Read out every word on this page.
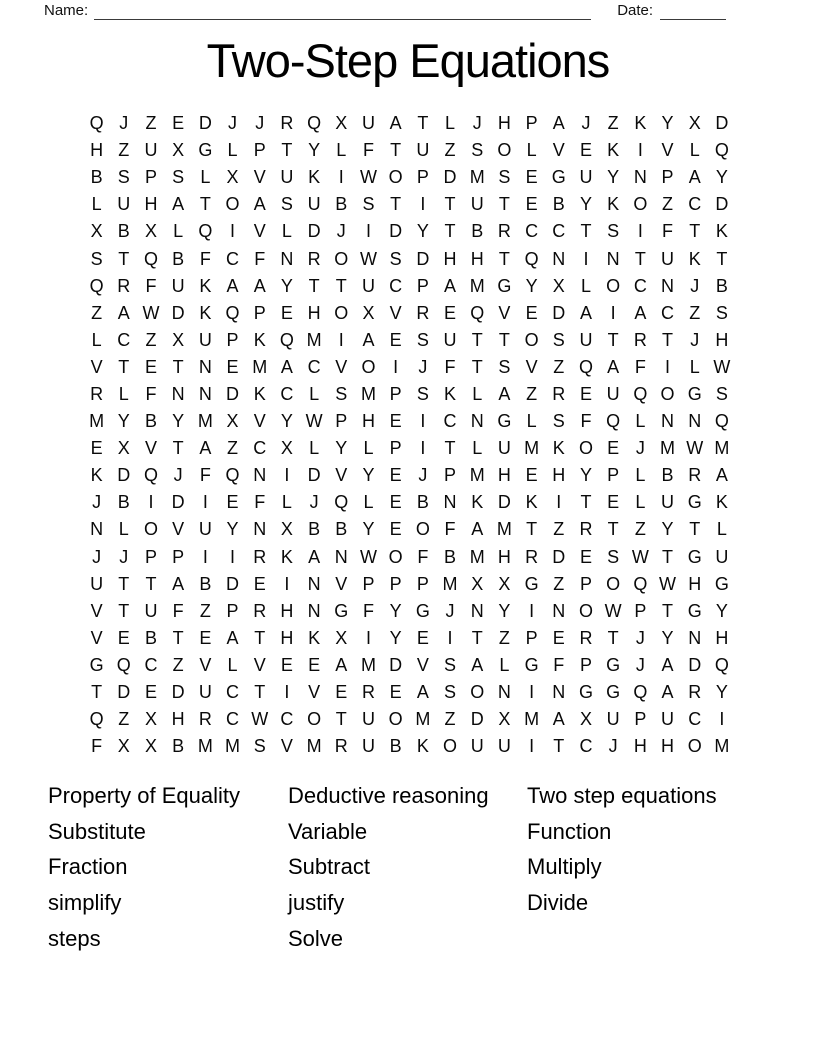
Name:	Date:
Two-Step Equations
Q J Z E D J	J R Q X U A T L J H P A J Z K Y X D
H Z U X G L P T Y L F T U Z S O L V E K	I	V L Q
B S P S L X V U K	I W O P D M S E G U Y N P A Y
L U H A T O A S U B S T	I	T U T E B Y K O Z C D
X B X L Q I	V L D J	I	D Y T B R C C T S	I	F T K
S T Q B F C F N R O W S D H H T Q N	I	N T U K T
Q R F U K A A Y T T U C P A M G Y X L O C N J B
Z A W D K Q P E H O X V R E Q V E D A	I	A C Z S
L C Z X U P K Q M I	A E S U T T O S U T R T J H
V T E T N E M A C V O I	J F T S V Z Q A F	I	L W
R L F N N D K C L S M P S K L A Z R E U Q O G S
M Y B Y M X V Y W P H E	I	C N G L S F Q L N N Q
E X V T A Z C X L Y L P	I	T L U M K O E J M W M
K D Q J F Q N	I	D V Y E J P M H E H Y P L B R A
J B	I	D	I	E F L J Q L E B N K D K	I	T E L U G K
N L O V U Y N X B B Y E O F A M T Z R T Z Y T L
J	J P P	I	I	R K A N W O F B M H R D E S W T G U
U T T A B D E	I	N V P P P M X X G Z P O Q W H G
V T U F Z P R H N G F Y G J N Y	I	N O W P T G Y
V E B T E A T H K X	I	Y E	I	T Z P E R T J Y N H
G Q C Z V L V E E A M D V S A L G F P G J A D Q
T D E D U C T	I	V E R E A S O N	I	N G G Q A R Y
Q Z X H R C W C O T U O M Z D X M A X U P U C	I
F X X B M M S V M R U B K O U U	I	T C J H H O M
Property of Equality
Substitute
Fraction
simplify
steps
Deductive reasoning
Variable
Subtract
justify
Solve
Two step equations
Function
Multiply
Divide
